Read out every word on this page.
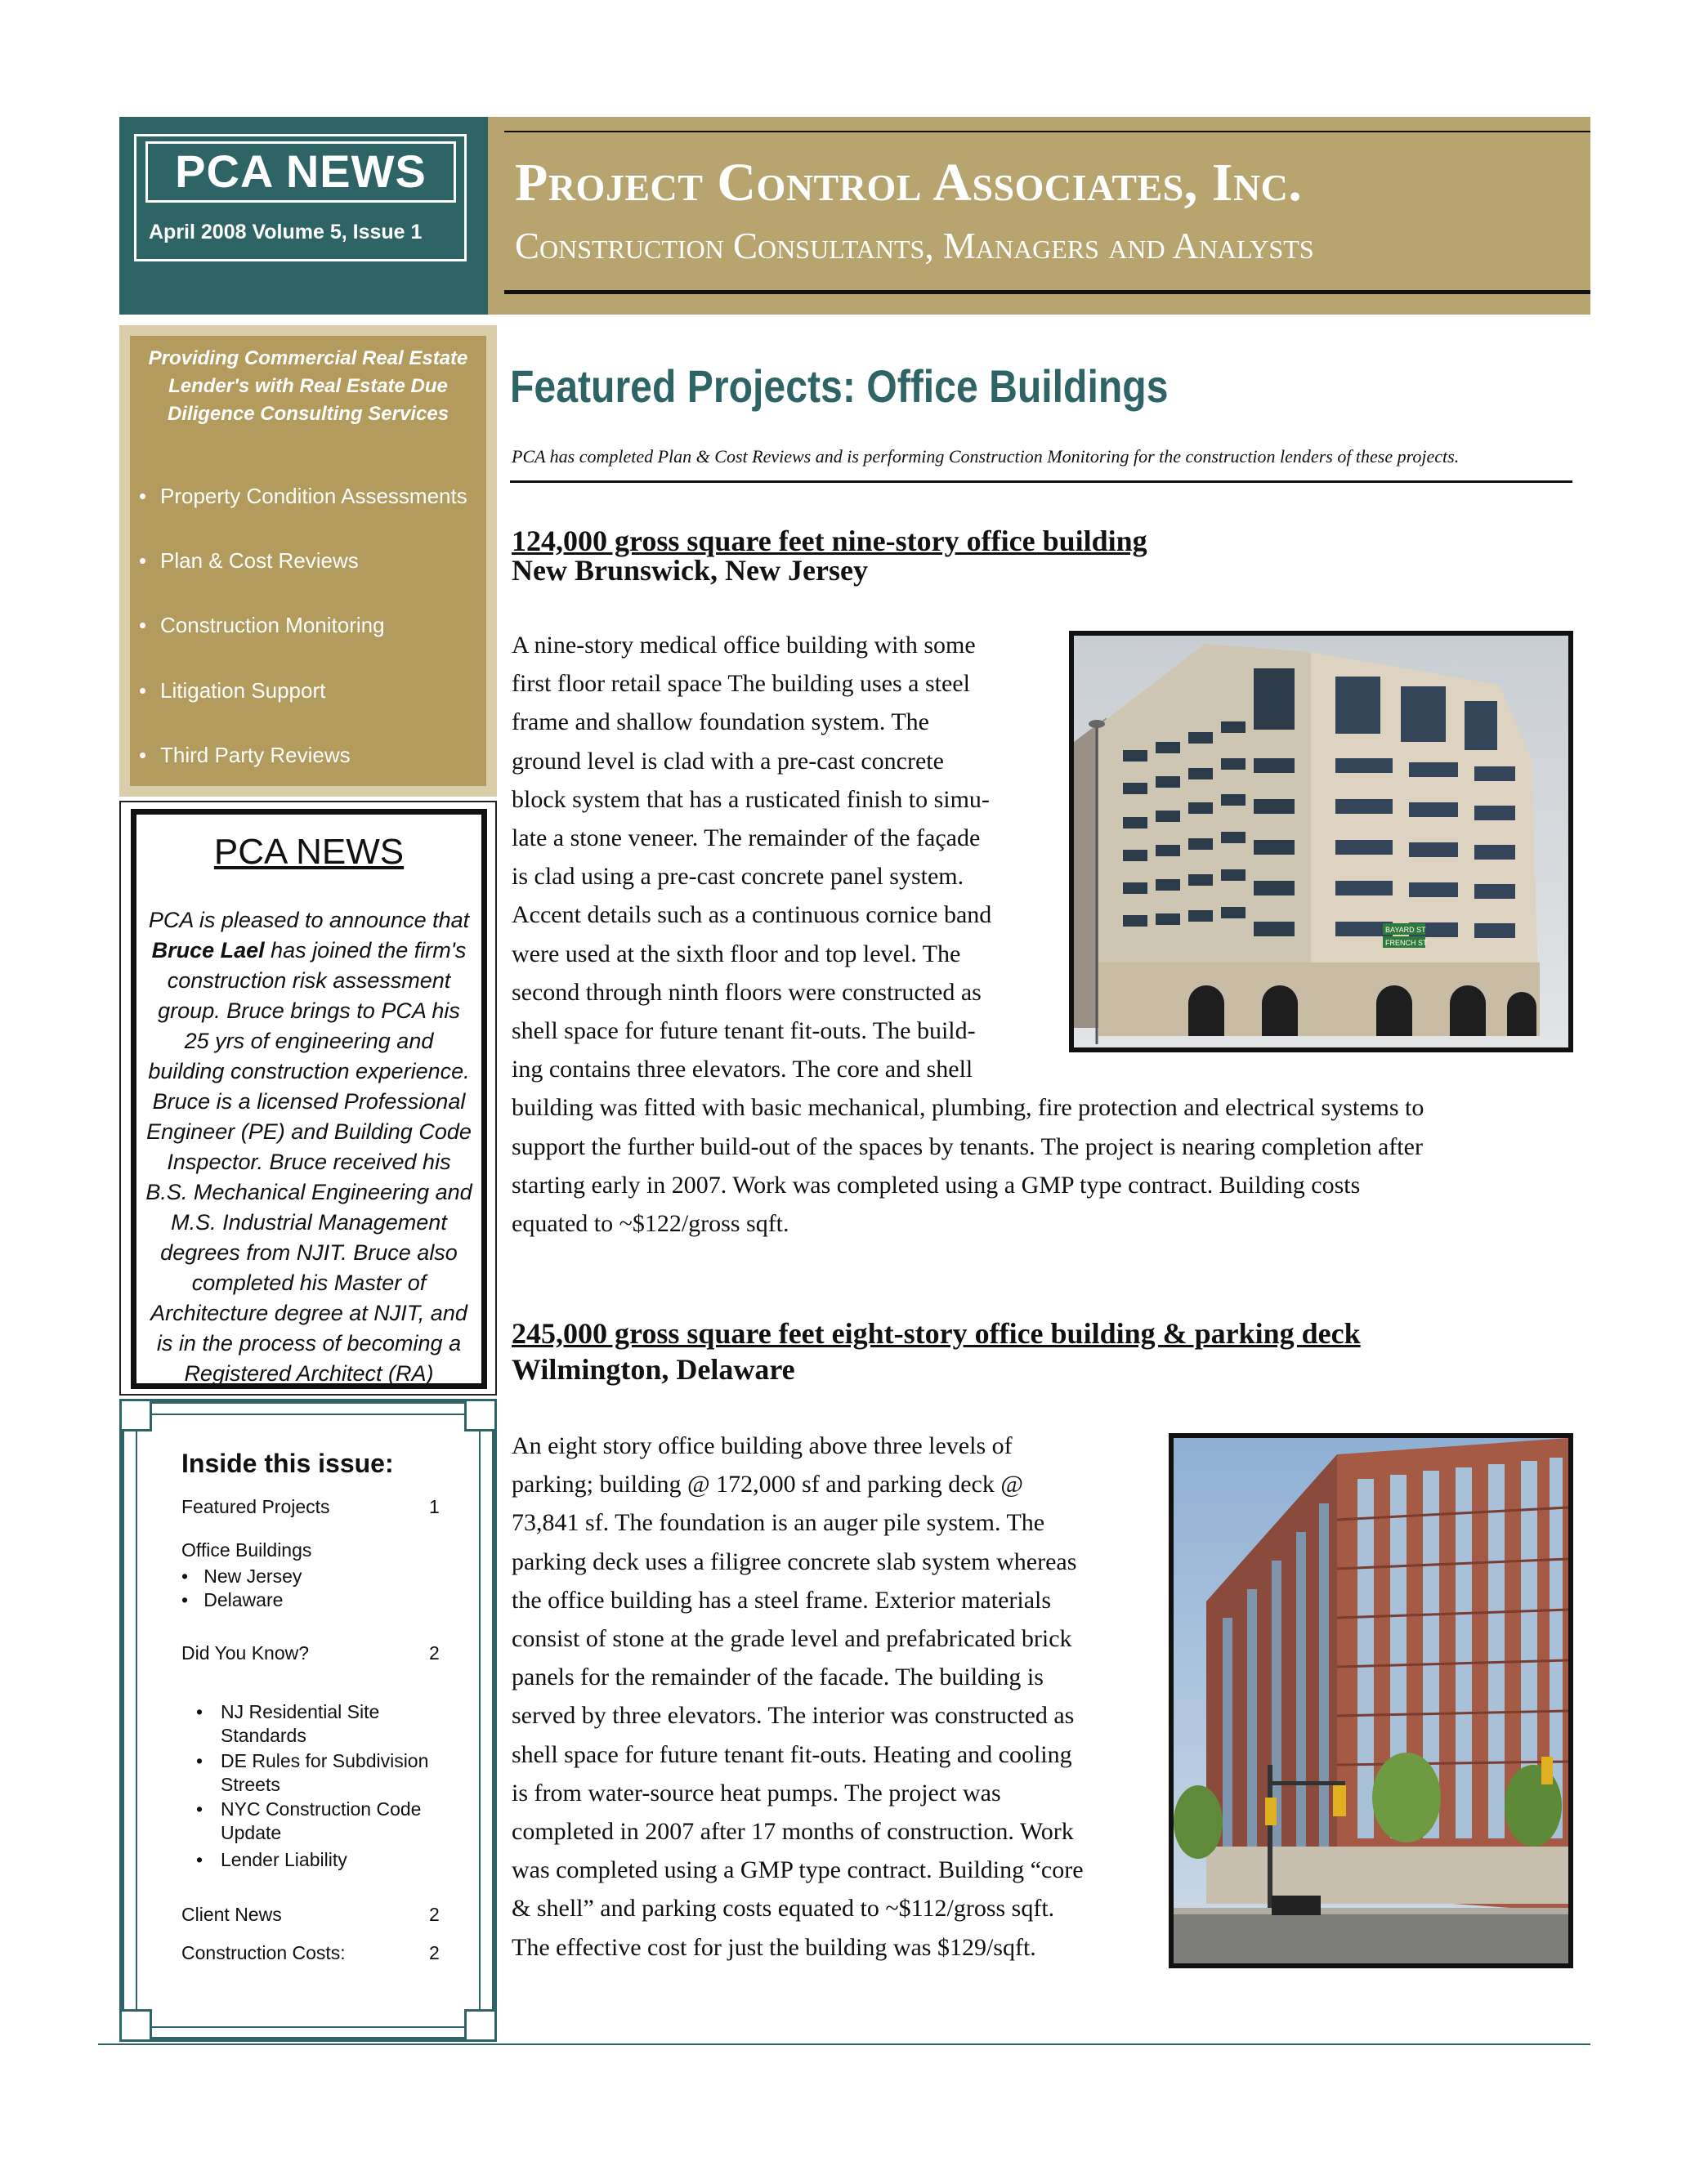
PCA NEWS
April 2008 Volume 5, Issue 1
Project Control Associates, Inc.
Construction Consultants, Managers and Analysts
Providing Commercial Real Estate Lender's with Real Estate Due Diligence Consulting Services
• Property Condition Assessments
• Plan & Cost Reviews
• Construction Monitoring
• Litigation Support
• Third Party Reviews
PCA NEWS
PCA is pleased to announce that Bruce Lael has joined the firm's construction risk assessment group. Bruce brings to PCA his 25 yrs of engineering and building construction experience. Bruce is a licensed Professional Engineer (PE) and Building Code Inspector. Bruce received his B.S. Mechanical Engineering and M.S. Industrial Management degrees from NJIT. Bruce also completed his Master of Architecture degree at NJIT, and is in the process of becoming a Registered Architect (RA)
Inside this issue:
Featured Projects	1
Office Buildings
•   New Jersey
•   Delaware
Did You Know?	2
• NJ Residential Site Standards
• DE Rules for Subdivision Streets
• NYC Construction Code Update
• Lender Liability
Client News	2
Construction Costs:	2
Featured Projects: Office Buildings
PCA has completed Plan & Cost Reviews and is performing Construction Monitoring for the construction lenders of these projects.
124,000 gross square feet nine-story office building
New Brunswick, New Jersey
A nine-story medical office building with some
first floor retail space The building uses a steel
frame and shallow foundation system. The
ground level is clad with a pre-cast concrete
block system that has a rusticated finish to simu-
late a stone veneer. The remainder of the façade
is clad using a pre-cast concrete panel system.
Accent details such as a continuous cornice band
were used at the sixth floor and top level. The
second through ninth floors were constructed as
shell space for future tenant fit-outs. The build-
ing contains three elevators. The core and shell
building was fitted with basic mechanical, plumbing, fire protection and electrical systems to
support the further build-out of the spaces by tenants. The project is nearing completion after
starting early in 2007. Work was completed using a GMP type contract. Building costs
equated to ~$122/gross sqft.
BAYARD ST
FRENCH ST
245,000 gross square feet eight-story office building & parking deck
Wilmington, Delaware
An eight story office building above three levels of
parking; building @ 172,000 sf and parking deck @
73,841 sf. The foundation is an auger pile system. The
parking deck uses a filigree concrete slab system whereas
the office building has a steel frame. Exterior materials
consist of stone at the grade level and prefabricated brick
panels for the remainder of the facade. The building is
served by three elevators. The interior was constructed as
shell space for future tenant fit-outs. Heating and cooling
is from water-source heat pumps. The project was
completed in 2007 after 17 months of construction. Work
was completed using a GMP type contract. Building “core
& shell” and parking costs equated to ~$112/gross sqft.
The effective cost for just the building was $129/sqft.
